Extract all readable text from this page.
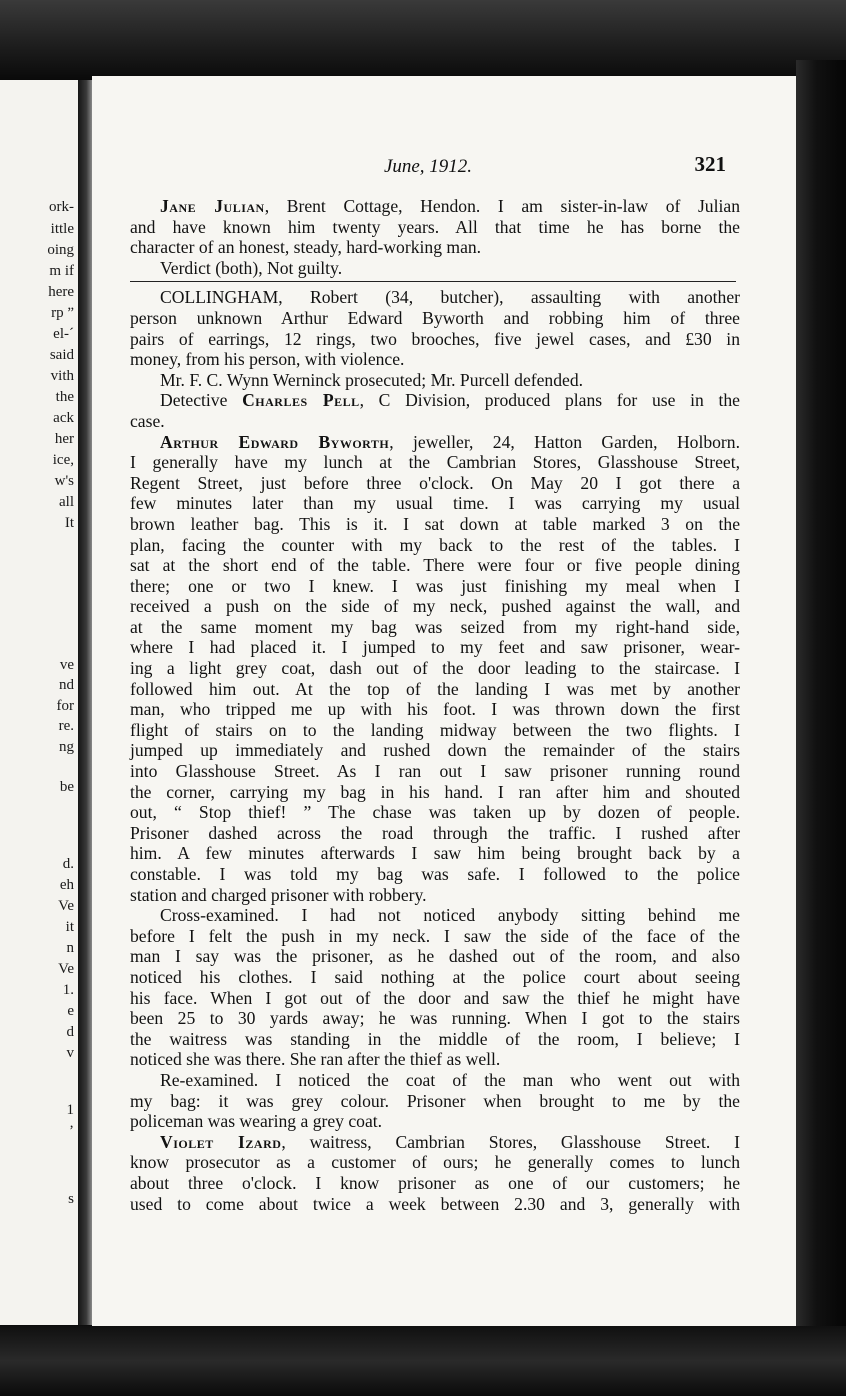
ork-
ittle
oing
m if
here
rp ”
el-´
said
vith
the
ack
her
ice,
w's
all
It
ve
nd
for
re.
ng
be
d.
eh
Ve
it
n
Ve
1.
e
d
v
1
’
s
June, 1912.	321
Jane Julian, Brent Cottage, Hendon. I am sister-in-law of Julian
and have known him twenty years. All that time he has borne the
character of an honest, steady, hard-working man.
Verdict (both), Not guilty.
COLLINGHAM, Robert (34, butcher), assaulting with another
person unknown Arthur Edward Byworth and robbing him of three
pairs of earrings, 12 rings, two brooches, five jewel cases, and £30 in
money, from his person, with violence.
Mr. F. C. Wynn Werninck prosecuted; Mr. Purcell defended.
Detective Charles Pell, C Division, produced plans for use in the
case.
Arthur Edward Byworth, jeweller, 24, Hatton Garden, Holborn.
I generally have my lunch at the Cambrian Stores, Glasshouse Street,
Regent Street, just before three o'clock. On May 20 I got there a
few minutes later than my usual time. I was carrying my usual
brown leather bag. This is it. I sat down at table marked 3 on the
plan, facing the counter with my back to the rest of the tables. I
sat at the short end of the table. There were four or five people dining
there; one or two I knew. I was just finishing my meal when I
received a push on the side of my neck, pushed against the wall, and
at the same moment my bag was seized from my right-hand side,
where I had placed it. I jumped to my feet and saw prisoner, wear-
ing a light grey coat, dash out of the door leading to the staircase. I
followed him out. At the top of the landing I was met by another
man, who tripped me up with his foot. I was thrown down the first
flight of stairs on to the landing midway between the two flights. I
jumped up immediately and rushed down the remainder of the stairs
into Glasshouse Street. As I ran out I saw prisoner running round
the corner, carrying my bag in his hand. I ran after him and shouted
out, “ Stop thief! ” The chase was taken up by dozen of people.
Prisoner dashed across the road through the traffic. I rushed after
him. A few minutes afterwards I saw him being brought back by a
constable. I was told my bag was safe. I followed to the police
station and charged prisoner with robbery.
Cross-examined. I had not noticed anybody sitting behind me
before I felt the push in my neck. I saw the side of the face of the
man I say was the prisoner, as he dashed out of the room, and also
noticed his clothes. I said nothing at the police court about seeing
his face. When I got out of the door and saw the thief he might have
been 25 to 30 yards away; he was running. When I got to the stairs
the waitress was standing in the middle of the room, I believe; I
noticed she was there. She ran after the thief as well.
Re-examined. I noticed the coat of the man who went out with
my bag: it was grey colour. Prisoner when brought to me by the
policeman was wearing a grey coat.
Violet Izard, waitress, Cambrian Stores, Glasshouse Street. I
know prosecutor as a customer of ours; he generally comes to lunch
about three o'clock. I know prisoner as one of our customers; he
used to come about twice a week between 2.30 and 3, generally with
